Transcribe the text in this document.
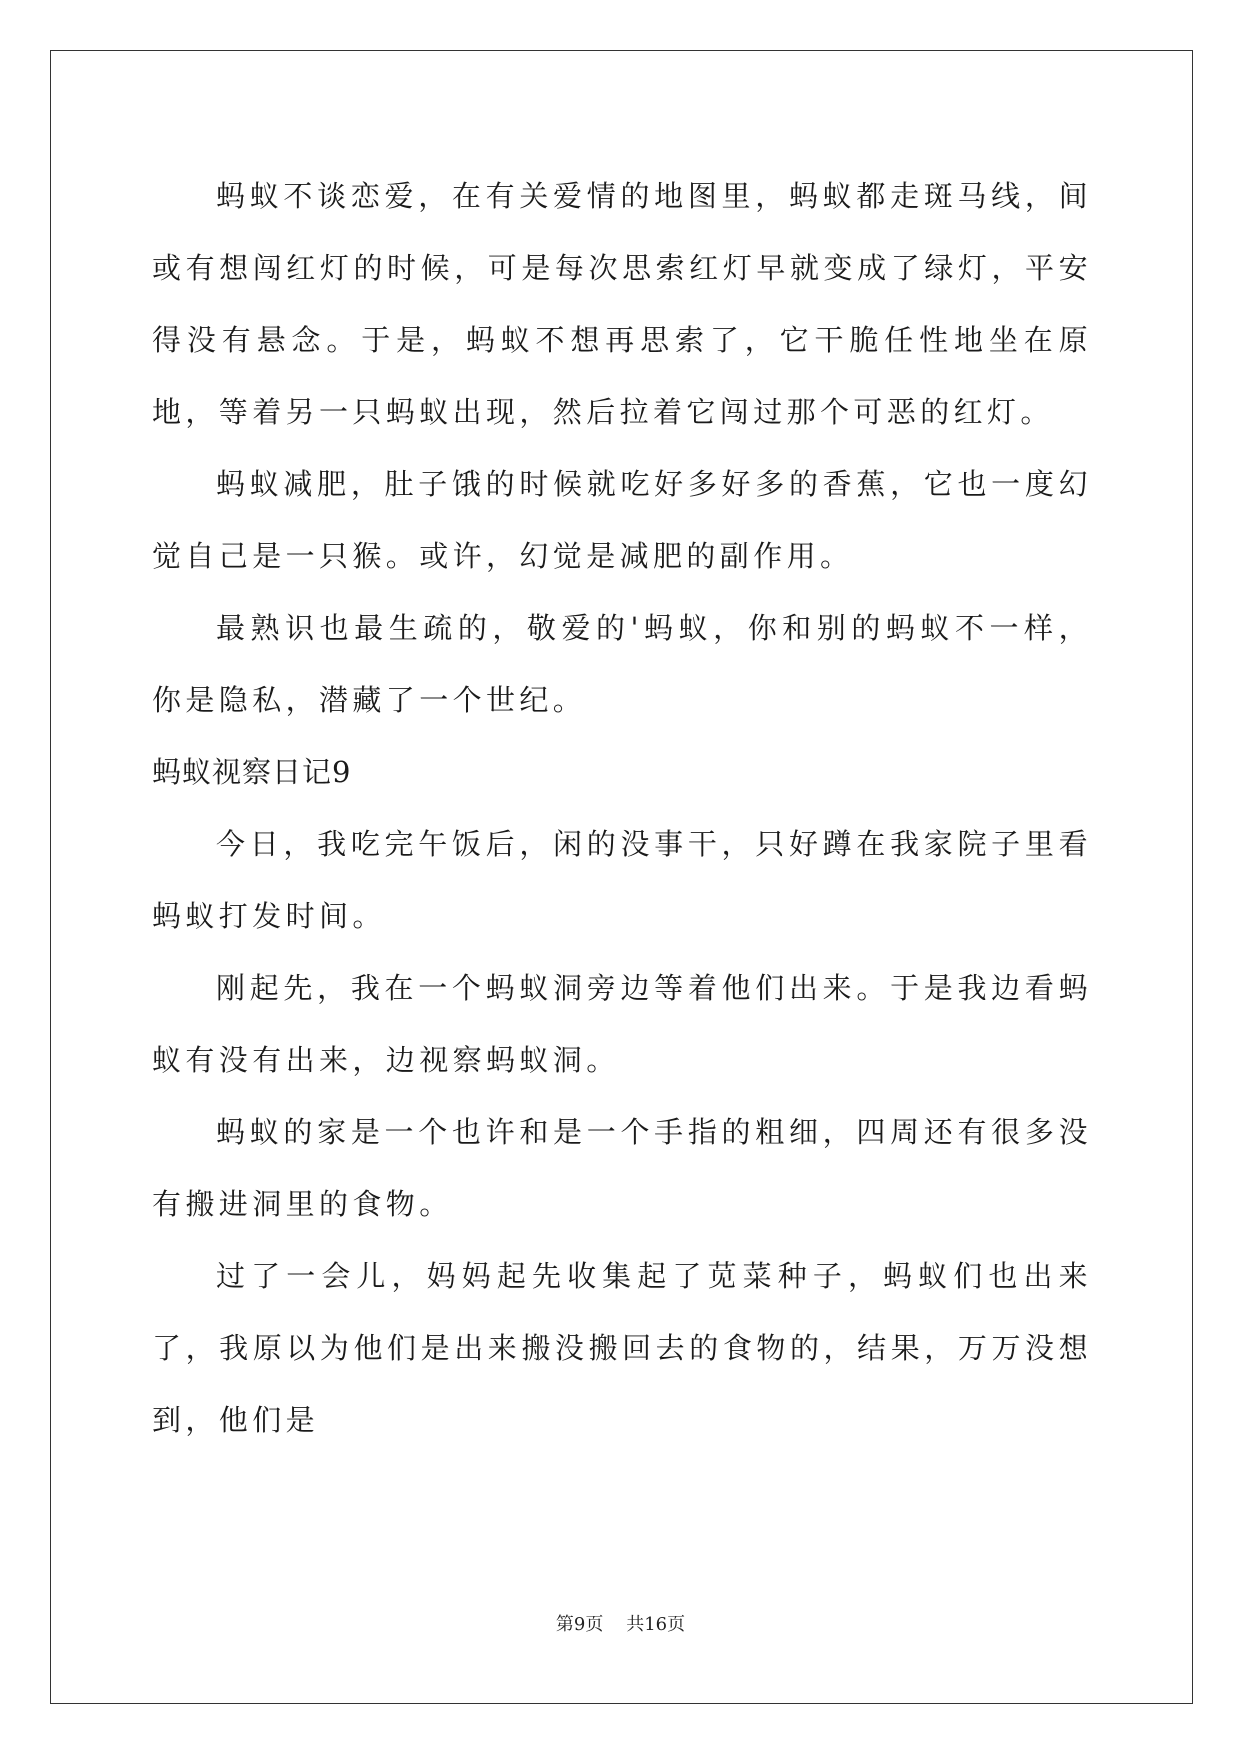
蚂蚁不谈恋爱，在有关爱情的地图里，蚂蚁都走斑马线，间或有想闯红灯的时候，可是每次思索红灯早就变成了绿灯，平安得没有悬念。于是，蚂蚁不想再思索了，它干脆任性地坐在原地，等着另一只蚂蚁出现，然后拉着它闯过那个可恶的红灯。

蚂蚁减肥，肚子饿的时候就吃好多好多的香蕉，它也一度幻觉自己是一只猴。或许，幻觉是减肥的副作用。

最熟识也最生疏的，敬爱的'蚂蚁，你和别的蚂蚁不一样，你是隐私，潜藏了一个世纪。

蚂蚁视察日记9

今日，我吃完午饭后，闲的没事干，只好蹲在我家院子里看蚂蚁打发时间。

刚起先，我在一个蚂蚁洞旁边等着他们出来。于是我边看蚂蚁有没有出来，边视察蚂蚁洞。

蚂蚁的家是一个也许和是一个手指的粗细，四周还有很多没有搬进洞里的食物。

过了一会儿，妈妈起先收集起了苋菜种子，蚂蚁们也出来了，我原以为他们是出来搬没搬回去的食物的，结果，万万没想到，他们是

第9页 共16页
